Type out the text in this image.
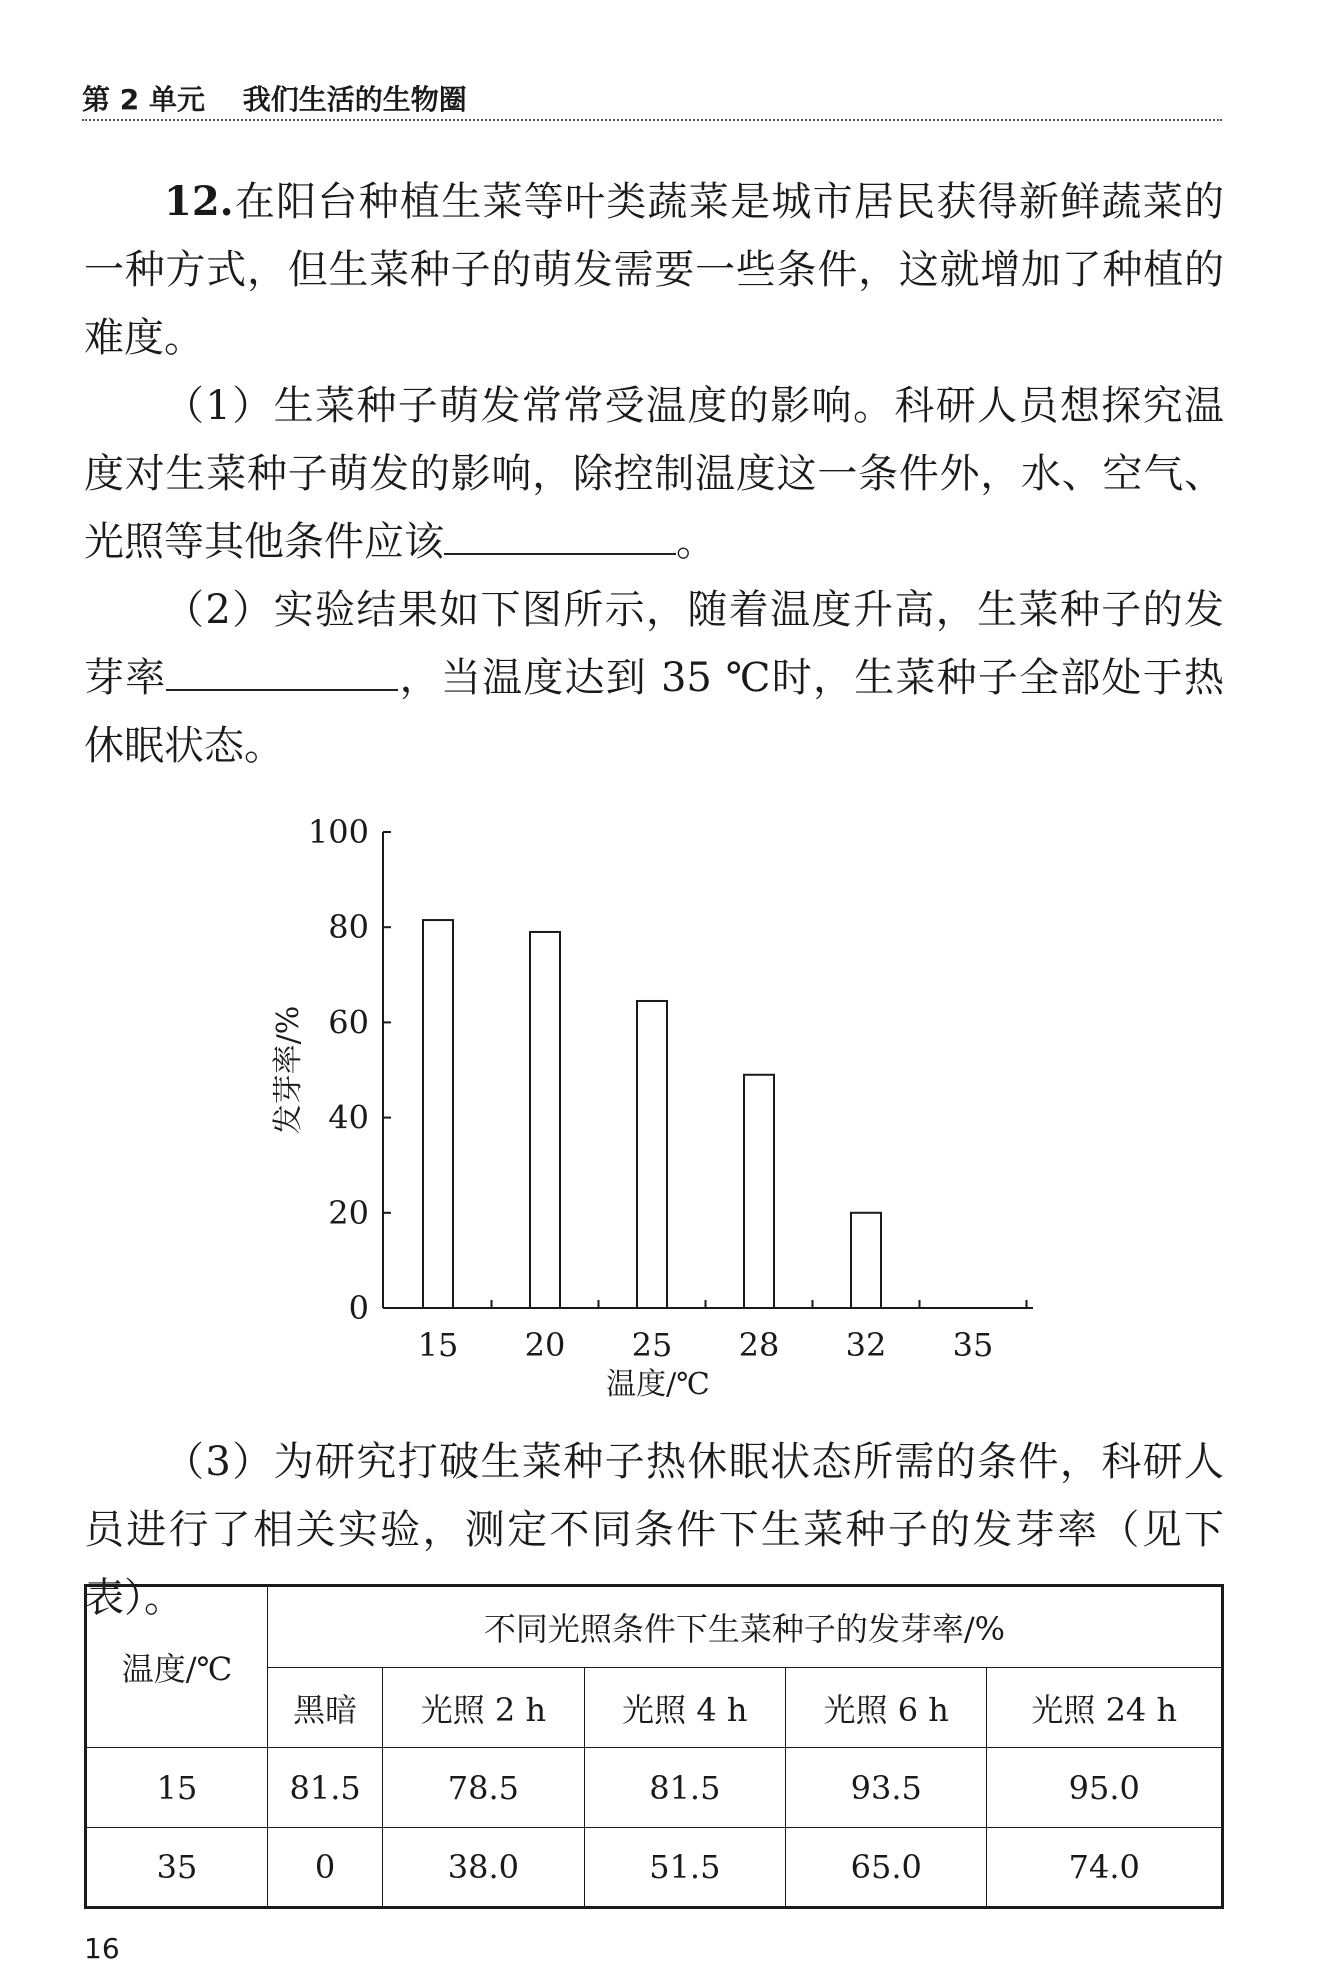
第 2 单元 我们生活的生物圈

12.在阳台种植生菜等叶类蔬菜是城市居民获得新鲜蔬菜的一种方式，但生菜种子的萌发需要一些条件，这就增加了种植的难度。

（1）生菜种子萌发常常受温度的影响。科研人员想探究温度对生菜种子萌发的影响，除控制温度这一条件外，水、空气、光照等其他条件应该	。

（2）实验结果如下图所示，随着温度升高，生菜种子的发芽率	，当温度达到 35 ℃时，生菜种子全部处于热休眠状态。

0
20
40
60
80
100
15 20 25 28 32 35
温度/℃
发芽率/%

（3）为研究打破生菜种子热休眠状态所需的条件，科研人员进行了相关实验，测定不同条件下生菜种子的发芽率（见下表）。

温度/℃	不同光照条件下生菜种子的发芽率/%				
	黑暗	光照 2 h	光照 4 h	光照 6 h	光照 24 h
15	81.5	78.5	81.5	93.5	95.0
35	0	38.0	51.5	65.0	74.0
16
